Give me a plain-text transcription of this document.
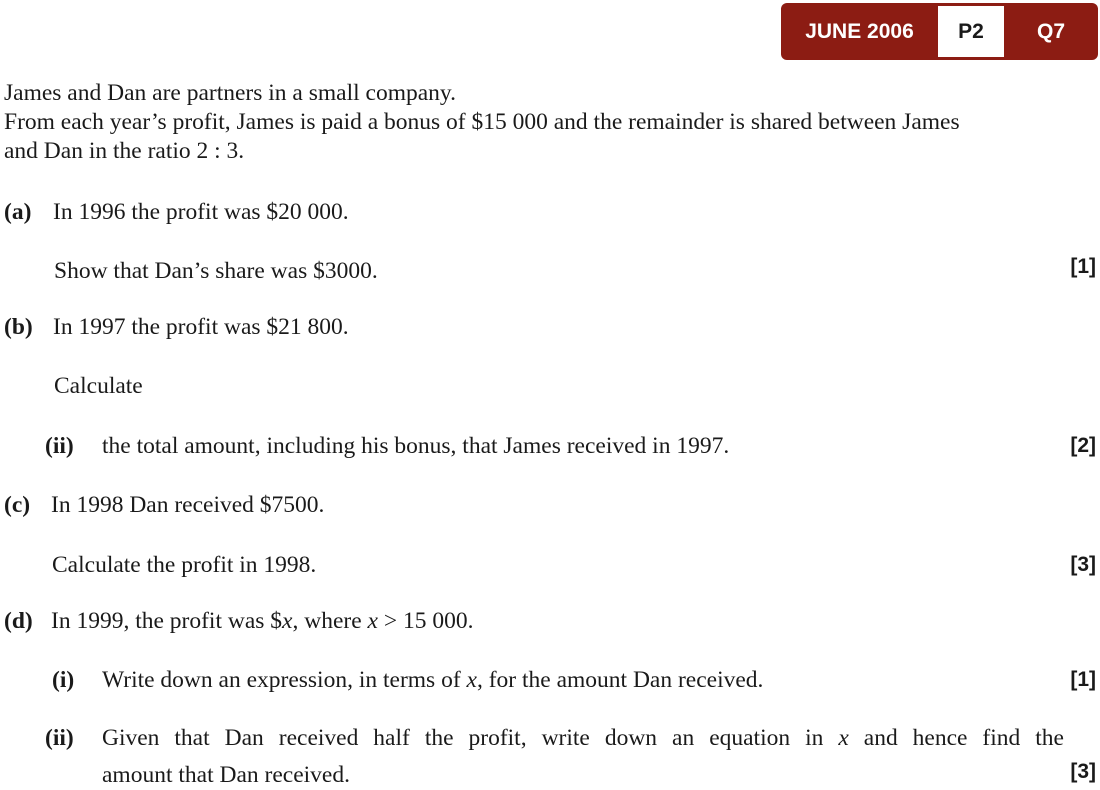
JUNE 2006	P2	Q7
James and Dan are partners in a small company.
From each year’s profit, James is paid a bonus of $15 000 and the remainder is shared between James
and Dan in the ratio 2 : 3.
(a) In 1996 the profit was $20 000.
Show that Dan’s share was $3000.	[1]
(b) In 1997 the profit was $21 800.
Calculate
(ii) the total amount, including his bonus, that James received in 1997.	[2]
(c) In 1998 Dan received $7500.
Calculate the profit in 1998.	[3]
(d) In 1999, the profit was $x, where x > 15 000.
(i) Write down an expression, in terms of x, for the amount Dan received.	[1]
(ii)	Given that Dan received half the profit, write down an equation in x and hence find the
amount that Dan received.	[3]
